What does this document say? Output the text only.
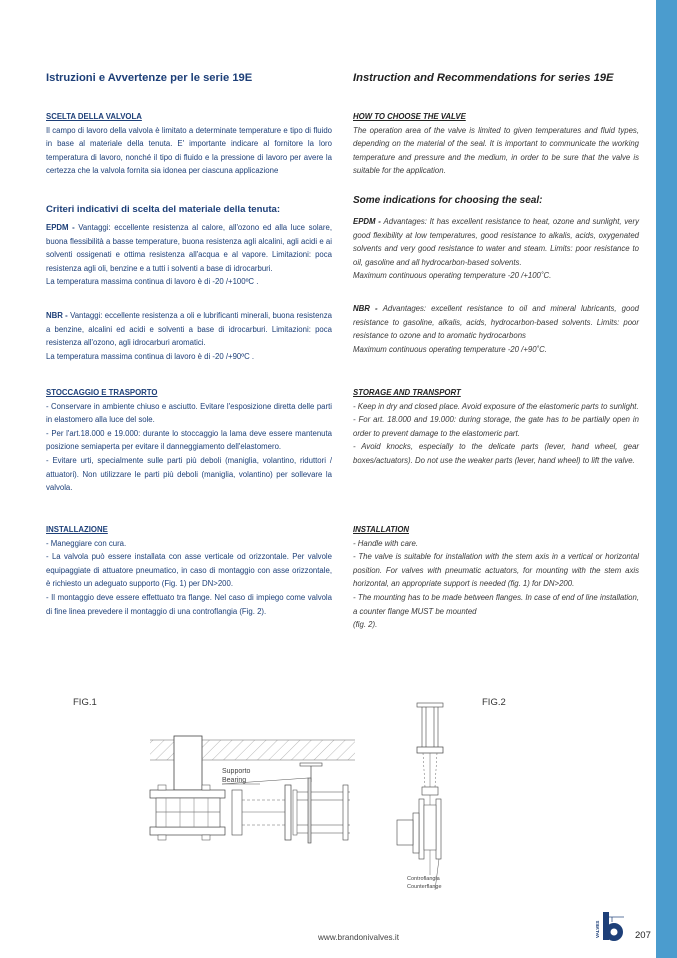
Istruzioni e Avvertenze per le serie 19E
SCELTA DELLA VALVOLA

Il campo di lavoro della valvola è limitato a determinate temperature e tipo di fluido in base al materiale della tenuta. E' importante indicare al fornitore la loro temperatura di lavoro, nonché il tipo di fluido e la pressione di lavoro per avere la certezza che la valvola fornita sia idonea per ciascuna applicazione

Criteri indicativi di scelta del materiale della tenuta:
EPDM - Vantaggi: eccellente resistenza al calore, all'ozono ed alla luce solare, buona flessibilità a basse temperature, buona resistenza agli alcalini, agli acidi e ai solventi ossigenati e ottima resistenza all'acqua e al vapore. Limitazioni: poca resistenza agli oli, benzine e a tutti i solventi a base di idrocarburi.
La temperatura massima continua di lavoro è di -20 /+100ºC .
NBR - Vantaggi: eccellente resistenza a oli e lubrificanti minerali, buona resistenza a benzine, alcalini ed acidi e solventi a base di idrocarburi. Limitazioni: poca resistenza all'ozono, agli idrocarburi aromatici.
La temperatura massima continua di lavoro è di -20 /+90ºC .
STOCCAGGIO E TRASPORTO

- Conservare in ambiente chiuso e asciutto. Evitare l'esposizione diretta delle parti in elastomero alla luce del sole.

- Per l'art.18.000 e 19.000: durante lo stoccaggio la lama deve essere mantenuta posizione semiaperta per evitare il danneggiamento dell'elastomero.

- Evitare urti, specialmente sulle parti più deboli (maniglia, volantino, riduttori / attuatori). Non utilizzare le parti più deboli (maniglia, volantino) per sollevare la valvola.

INSTALLAZIONE

- Maneggiare con cura.

- La valvola può essere installata con asse verticale od orizzontale. Per valvole equipaggiate di attuatore pneumatico, in caso di montaggio con asse orizzontale, è richiesto un adeguato supporto (Fig. 1) per DN>200.

- Il montaggio deve essere effettuato tra flange. Nel caso di impiego come valvola di fine linea prevedere il montaggio di una controflangia (Fig. 2).

Instruction and Recommendations for series 19E
HOW TO CHOOSE THE VALVE

The operation area of the valve is limited to given temperatures and fluid types, depending on the material of the seal. It is important to communicate the working temperature and pressure and the medium, in order to be sure that the valve is suitable for the application.

Some indications for choosing the seal:
EPDM - Advantages: It has excellent resistance to heat, ozone and sunlight, very good flexibility at low temperatures, good resistance to alkalis, acids, oxygenated solvents and very good resistance to water and steam. Limits: poor resistance to oil, gasoline and all hydrocarbon-based solvents.
Maximum continuous operating temperature -20 /+100˚C.
NBR - Advantages: excellent resistance to oil and mineral lubricants, good resistance to gasoline, alkalis, acids, hydrocarbon-based solvents. Limits: poor resistance to ozone and to aromatic hydrocarbons
Maximum continuous operating temperature -20 /+90˚C.
STORAGE AND TRANSPORT

- Keep in dry and closed place. Avoid exposure of the elastomeric parts to sunlight.

- For art. 18.000 and 19.000: during storage, the gate has to be partially open in order to prevent damage to the elastomeric part.

- Avoid knocks, especially to the delicate parts (lever, hand wheel, gear boxes/actuators). Do not use the weaker parts (lever, hand wheel) to lift the valve.

INSTALLATION

- Handle with care.

- The valve is suitable for installation with the stem axis in a vertical or horizontal position. For valves with pneumatic actuators, for mounting with the stem axis horizontal, an appropriate support is needed (fig. 1) for DN>200.

- The mounting has to be made between flanges. In case of end of line installation, a counter flange MUST be mounted

(fig. 2).

FIG.1	FIG.2
Supporto
Bearing
Controflangia
Counterflange
www.brandonivalves.it	VALVES	207
